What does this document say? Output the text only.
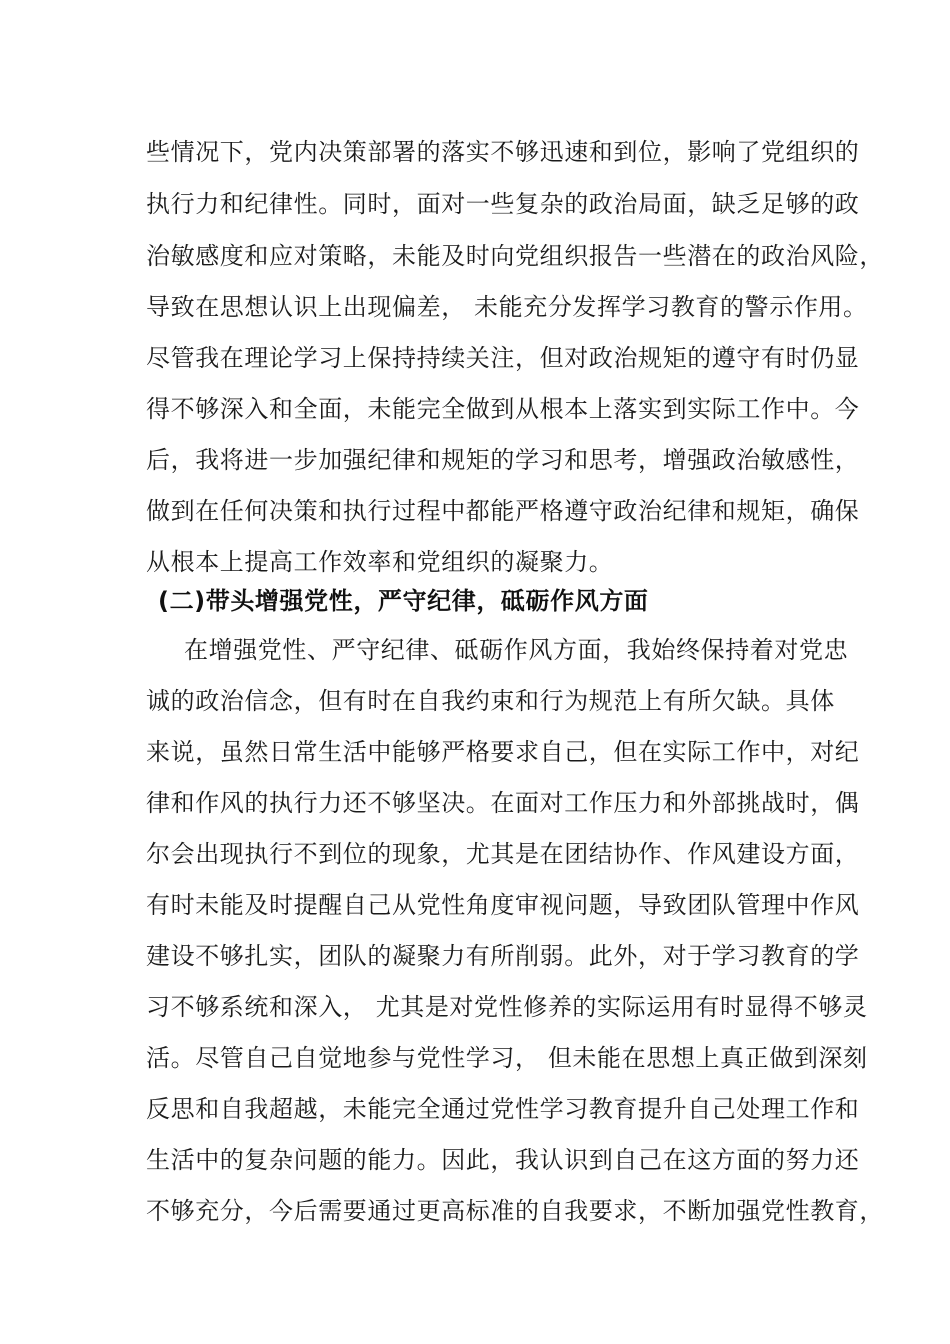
些情况下，党内决策部署的落实不够迅速和到位，影响了党组织的
执行力和纪律性。同时，面对一些复杂的政治局面，缺乏足够的政
治敏感度和应对策略，未能及时向党组织报告一些潜在的政治风险，
导致在思想认识上出现偏差， 未能充分发挥学习教育的警示作用。
尽管我在理论学习上保持持续关注，但对政治规矩的遵守有时仍显
得不够深入和全面，未能完全做到从根本上落实到实际工作中。今
后，我将进一步加强纪律和规矩的学习和思考，增强政治敏感性，
做到在任何决策和执行过程中都能严格遵守政治纪律和规矩，确保
从根本上提高工作效率和党组织的凝聚力。
(二)带头增强党性，严守纪律，砥砺作风方面
在增强党性、严守纪律、砥砺作风方面，我始终保持着对党忠
诚的政治信念，但有时在自我约束和行为规范上有所欠缺。具体
来说，虽然日常生活中能够严格要求自己，但在实际工作中，对纪
律和作风的执行力还不够坚决。在面对工作压力和外部挑战时，偶
尔会出现执行不到位的现象，尤其是在团结协作、作风建设方面，
有时未能及时提醒自己从党性角度审视问题，导致团队管理中作风
建设不够扎实，团队的凝聚力有所削弱。此外，对于学习教育的学
习不够系统和深入， 尤其是对党性修养的实际运用有时显得不够灵
活。尽管自己自觉地参与党性学习， 但未能在思想上真正做到深刻
反思和自我超越，未能完全通过党性学习教育提升自己处理工作和
生活中的复杂问题的能力。因此，我认识到自己在这方面的努力还
不够充分，今后需要通过更高标准的自我要求，不断加强党性教育，
